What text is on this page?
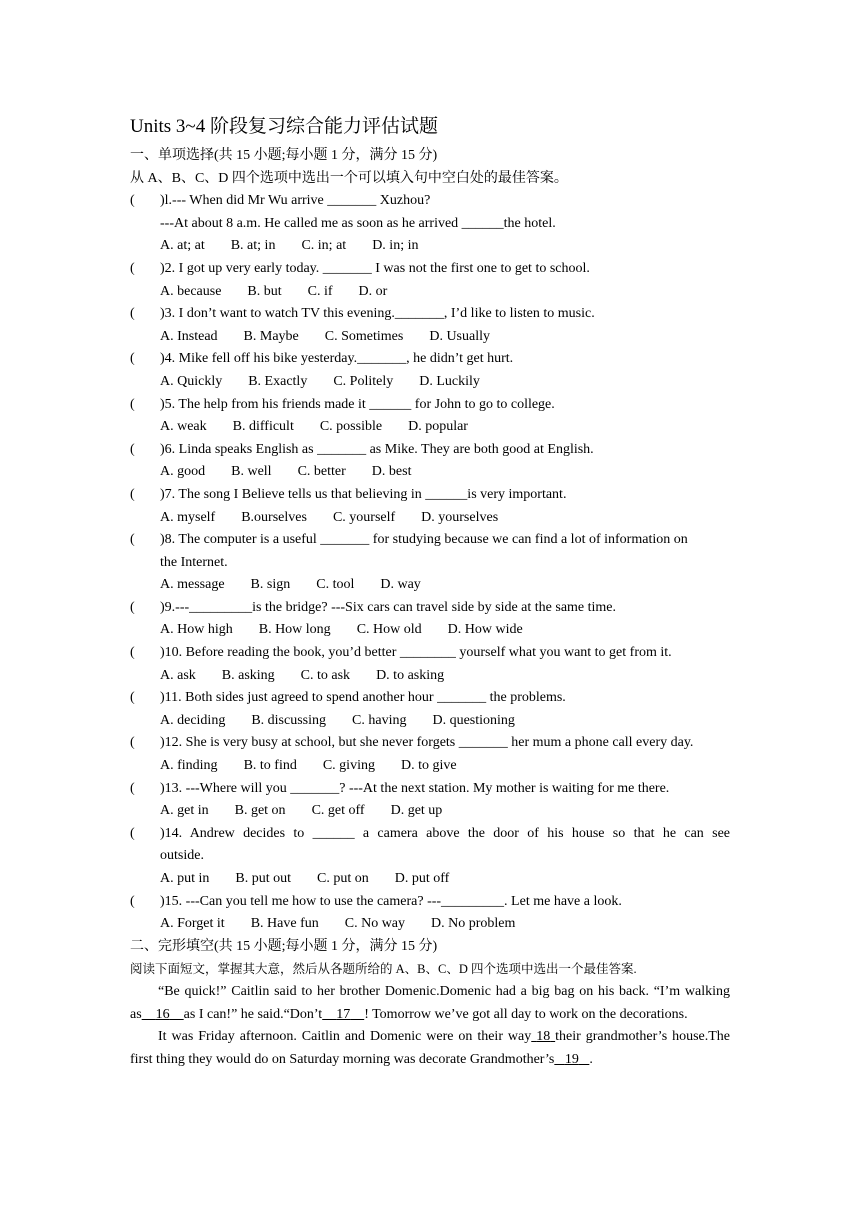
Units 3~4 阶段复习综合能力评估试题
一、单项选择(共 15 小题;每小题 1 分，满分 15 分)
从 A、B、C、D 四个选项中选出一个可以填入句中空白处的最佳答案。
(	)l.--- When did Mr Wu arrive _______ Xuzhou?
---At about 8 a.m. He called me as soon as he arrived ______the hotel.
A. at; at B. at; in C. in; at D. in; in
(	)2. I got up very early today. _______ I was not the first one to get to school.
A. because B. but C. if D. or
(	)3. I don’t want to watch TV this evening._______, I’d like to listen to music.
A. Instead B. Maybe C. Sometimes D. Usually
(	)4. Mike fell off his bike yesterday._______, he didn’t get hurt.
A. Quickly B. Exactly C. Politely D. Luckily
(	)5. The help from his friends made it ______ for John to go to college.
A. weak B. difficult C. possible D. popular
(	)6. Linda speaks English as _______ as Mike. They are both good at English.
A. good B. well C. better D. best
(	)7. The song I Believe tells us that believing in ______is very important.
A. myself B.ourselves C. yourself D. yourselves
(	)8. The computer is a useful _______ for studying because we can find a lot of information on
the Internet.
A. message B. sign C. tool D. way
(	)9.---_________is the bridge? ---Six cars can travel side by side at the same time.
A. How high B. How long C. How old D. How wide
(	)10. Before reading the book, you’d better ________ yourself what you want to get from it.
A. ask B. asking C. to ask D. to asking
(	)11. Both sides just agreed to spend another hour _______ the problems.
A. deciding B. discussing C. having D. questioning
(	)12. She is very busy at school, but she never forgets _______ her mum a phone call every day.
A. finding B. to find C. giving D. to give
(	)13. ---Where will you _______? ---At the next station. My mother is waiting for me there.
A. get in B. get on C. get off D. get up
(	)14. Andrew decides to ______ a camera above the door of his house so that he can see
outside.
A. put in B. put out C. put on D. put off
(	)15. ---Can you tell me how to use the camera? ---_________. Let me have a look.
A. Forget it B. Have fun C. No way D. No problem
二、完形填空(共 15 小题;每小题 1 分，满分 15 分)
阅读下面短文，掌握其大意，然后从各题所给的 A、B、C、D 四个选项中选出一个最佳答案.
“Be quick!” Caitlin said to her brother Domenic.Domenic had a big bag on his back. “I’m walking as 16 as I can!” he said.“Don’t 17 ! Tomorrow we’ve got all day to work on the decorations.
It was Friday afternoon. Caitlin and Domenic were on their way 18 their grandmother’s house.The first thing they would do on Saturday morning was decorate Grandmother’s 19 .
